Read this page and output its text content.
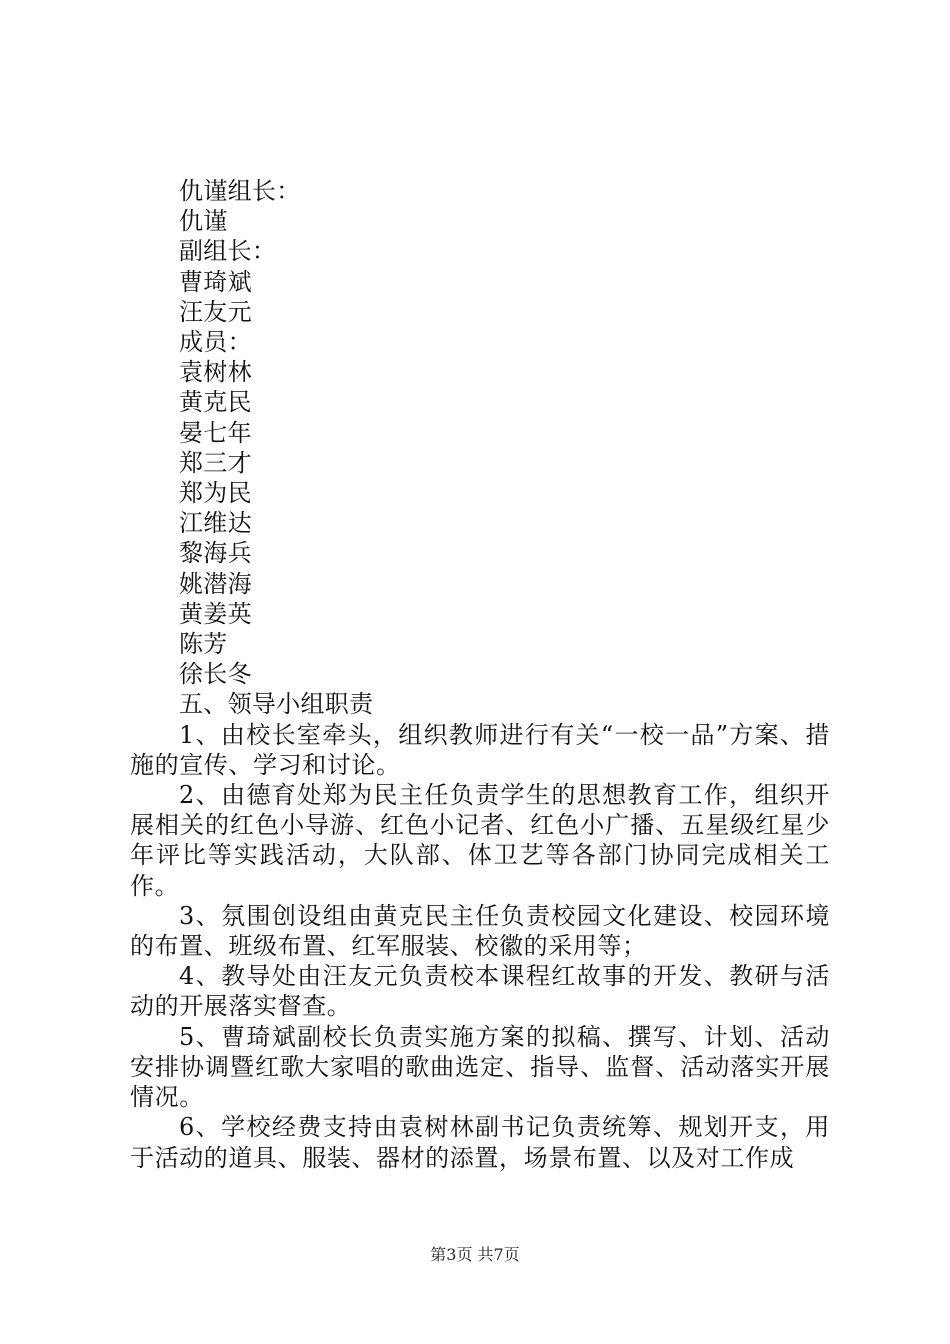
仇谨组长：
仇谨
副组长：
曹琦斌
汪友元
成员：
袁树林
黄克民
晏七年
郑三才
郑为民
江维达
黎海兵
姚潜海
黄姜英
陈芳
徐长冬
五、领导小组职责

1、由校长室牵头，组织教师进行有关“一校一品”方案、措施的宣传、学习和讨论。

2、由德育处郑为民主任负责学生的思想教育工作，组织开展相关的红色小导游、红色小记者、红色小广播、五星级红星少年评比等实践活动，大队部、体卫艺等各部门协同完成相关工作。

3、氛围创设组由黄克民主任负责校园文化建设、校园环境的布置、班级布置、红军服装、校徽的采用等；

4、教导处由汪友元负责校本课程红故事的开发、教研与活动的开展落实督查。

5、曹琦斌副校长负责实施方案的拟稿、撰写、计划、活动安排协调暨红歌大家唱的歌曲选定、指导、监督、活动落实开展情况。

6、学校经费支持由袁树林副书记负责统筹、规划开支，用于活动的道具、服装、器材的添置，场景布置、以及对工作成

第3页 共7页
